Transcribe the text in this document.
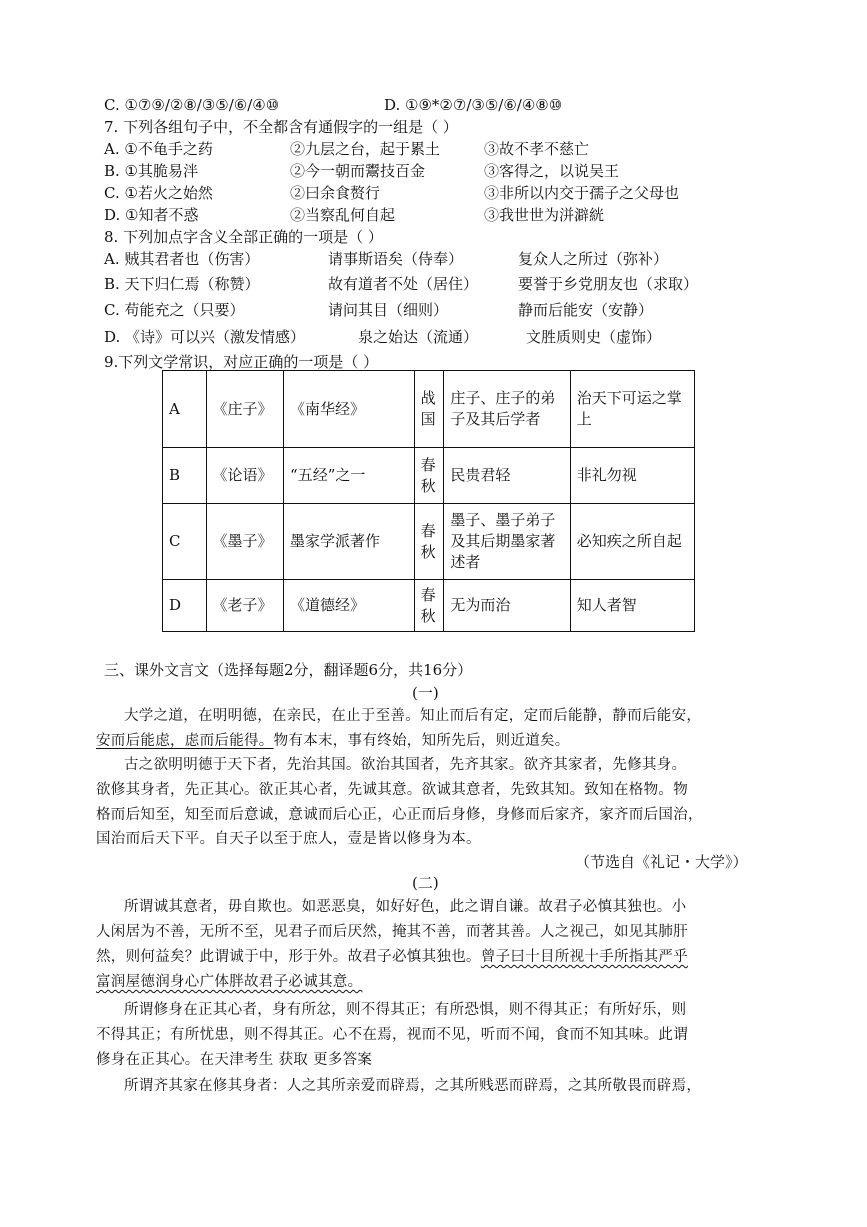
C. ①⑦⑨/②⑧/③⑤/⑥/④⑩	D. ①⑨*②⑦/③⑤/⑥/④⑧⑩
7. 下列各组句子中，不全都含有通假字的一组是（ ）
A. ①不龟手之药	②九层之台，起于累土	③故不孝不慈亡
B. ①其脆易泮	②今一朝而鬻技百金	③客得之，以说吴王
C. ①若火之始然	②曰余食赘行	③非所以内交于孺子之父母也
D. ①知者不惑	②当察乱何自起	③我世世为洴澼絖
8. 下列加点字含义全部正确的一项是（ ）
A. 贼其君者也（伤害）	请事斯语矣（侍奉）	复众人之所过（弥补）
B. 天下归仁焉（称赞）	故有道者不处（居住）	要誉于乡党朋友也（求取）
C. 苟能充之（只要）	请问其目（细则）	静而后能安（安静）
D. 《诗》可以兴（激发情感）	泉之始达（流通）	文胜质则史（虚饰）
9.下列文学常识，对应正确的一项是（ ）
A	《庄子》	《南华经》	战国	庄子、庄子的弟子及其后学者	治天下可运之掌上
B	《论语》	“五经”之一	春秋	民贵君轻	非礼勿视
C	《墨子》	墨家学派著作	春秋	墨子、墨子弟子及其后期墨家著述者	必知疾之所自起
D	《老子》	《道德经》	春秋	无为而治	知人者智
三、课外文言文（选择每题2分，翻译题6分，共16分）
(一)
大学之道，在明明德，在亲民，在止于至善。知止而后有定，定而后能静，静而后能安，
安而后能虑，虑而后能得。物有本末，事有终始，知所先后，则近道矣。
古之欲明明德于天下者，先治其国。欲治其国者，先齐其家。欲齐其家者，先修其身。
欲修其身者，先正其心。欲正其心者，先诚其意。欲诚其意者，先致其知。致知在格物。物
格而后知至，知至而后意诚，意诚而后心正，心正而后身修，身修而后家齐，家齐而后国治，
国治而后天下平。自天子以至于庶人，壹是皆以修身为本。
（节选自《礼记・大学》）
(二)
所谓诚其意者，毋自欺也。如恶恶臭，如好好色，此之谓自谦。故君子必慎其独也。小
人闲居为不善，无所不至，见君子而后厌然，掩其不善，而著其善。人之视己，如见其肺肝
然，则何益矣？此谓诚于中，形于外。故君子必慎其独也。曾子曰十目所视十手所指其严乎
富润屋德润身心广体胖故君子必诚其意。
所谓修身在正其心者，身有所忿，则不得其正；有所恐惧，则不得其正；有所好乐，则
不得其正；有所忧患，则不得其正。心不在焉，视而不见，听而不闻，食而不知其味。此谓
修身在正其心。在天津考生 获取 更多答案
所谓齐其家在修其身者：人之其所亲爱而辟焉，之其所贱恶而辟焉，之其所敬畏而辟焉，
